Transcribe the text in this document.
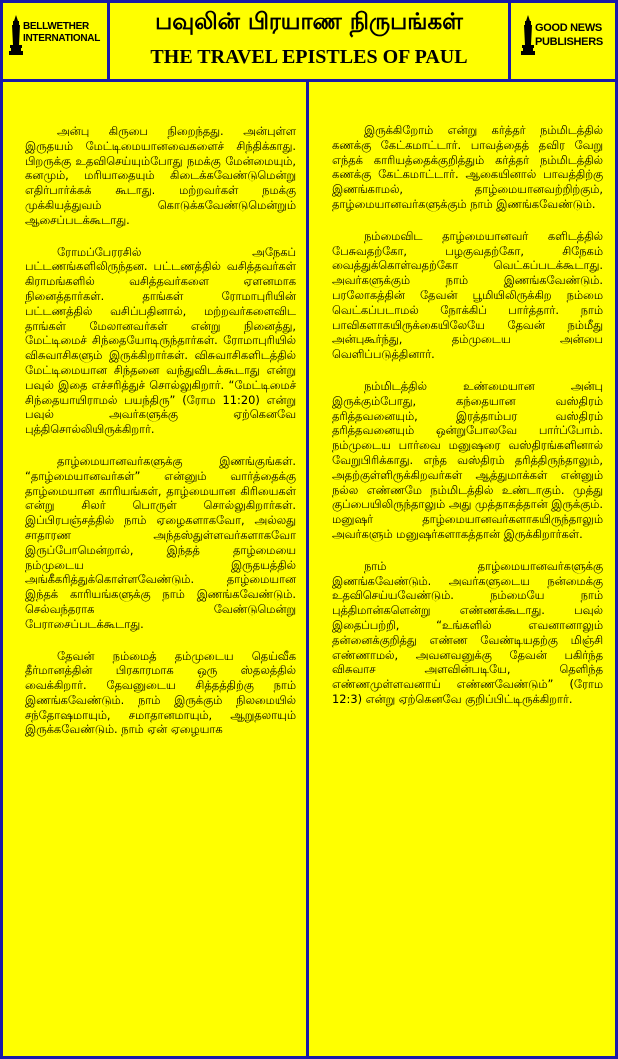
BELLWETHER
INTERNATIONAL
பவுலின் பிரயாண நிருபங்கள்
THE TRAVEL EPISTLES OF PAUL
GOOD NEWS
PUBLISHERS

அன்பு கிருபை நிறைந்தது. அன்புள்ள இருதயம் மேட்டிமையானவைகளைச் சிந்திக்காது. பிறருக்கு உதவிசெய்யும்போது நமக்கு மேன்மையும், கனமும், மரியாதையும் கிடைக்கவேண்டுமென்று எதிர்பார்க்கக் கூடாது. மற்றவர்கள் நமக்கு முக்கியத்துவம் கொடுக்கவேண்டுமென்றும் ஆசைப்படக்கூடாது.

ரோமப்பேரரசில் அநேகப் பட்டணங்களிலிருந்தன. பட்டணத்தில் வசித்தவர்கள் கிராமங்களில் வசித்தவர்களை ஏளனமாக நினைத்தார்கள். தாங்கள் ரோமாபுரியின் பட்டணத்தில் வசிப்பதினால், மற்றவர்களைவிட தாங்கள் மேலானவர்கள் என்று நினைத்து, மேட்டிமைச் சிந்தையோடிருந்தார்கள். ரோமாபுரியில் விசுவாசிகளும் இருக்கிறார்கள். விசுவாசிகளிடத்தில் மேட்டிமையான சிந்தனை வந்துவிடக்கூடாது என்று பவுல் இதை எச்சரித்துச் சொல்லுகிறார். “மேட்டிமைச் சிந்தையாயிராமல் பயந்திரு” (ரோம 11:20) என்று பவுல் அவர்களுக்கு ஏற்கெனவே புத்திசொல்லியிருக்கிறார்.

தாழ்மையானவர்களுக்கு இணங்குங்கள். “தாழ்மையானவர்கள்” என்னும் வார்த்தைக்கு தாழ்மையான காரியங்கள், தாழ்மையான கிரியைகள் என்று சிலர் பொருள் சொல்லுகிறார்கள். இப்பிரபஞ்சத்தில் நாம் ஏழைகளாகவோ, அல்லது சாதாரண அந்தஸ்துள்ளவர்களாகவோ இருப்போமென்றால், இந்தத் தாழ்மையை நம்முடைய இருதயத்தில் அங்கீகரித்துக்கொள்ளவேண்டும். தாழ்மையான இந்தக் காரியங்களுக்கு நாம் இணங்கவேண்டும். செல்வந்தராக வேண்டுமென்று பேராசைப்படக்கூடாது.

தேவன் நம்மைத் தம்முடைய தெய்வீக தீர்மானத்தின் பிரகாரமாக ஒரு ஸ்தலத்தில் வைக்கிறார். தேவனுடைய சித்தத்திற்கு நாம் இணங்கவேண்டும். நாம் இருக்கும் நிலமையில் சந்தோஷமாயும், சமாதானமாயும், ஆறுதலாயும் இருக்கவேண்டும். நாம் ஏன் ஏழையாக

இருக்கிறோம் என்று கர்த்தர் நம்மிடத்தில் கணக்கு கேட்கமாட்டார். பாவத்தைத் தவிர வேறு எந்தக் காரியத்தைக்குறித்தும் கர்த்தர் நம்மிடத்தில் கணக்கு கேட்கமாட்டார். ஆகையினால் பாவத்திற்கு இணங்காமல், தாழ்மையானவற்றிற்கும், தாழ்மையானவர்களுக்கும் நாம் இணங்கவேண்டும்.

நம்மைவிட தாழ்மையானவர் களிடத்தில் பேசுவதற்கோ, பழகுவதற்கோ, சிநேகம் வைத்துக்கொள்வதற்கோ வெட்கப்படக்கூடாது. அவர்களுக்கும் நாம் இணங்கவேண்டும். பரலோகத்தின் தேவன் பூமியிலிருக்கிற நம்மை வெட்கப்படாமல் நோக்கிப் பார்த்தார். நாம் பாவிகளாகயிருக்கையிலேயே தேவன் நம்மீது அன்புகூர்ந்து, தம்முடைய அன்பை வெளிப்படுத்தினார்.

நம்மிடத்தில் உண்மையான அன்பு இருக்கும்போது, கந்தையான வஸ்திரம் தரித்தவனையும், இரத்தாம்பர வஸ்திரம் தரித்தவனையும் ஒன்றுபோலவே பார்ப்போம். நம்முடைய பார்வை மனுஷரை வஸ்திரங்களினால் வேறுபிரிக்காது. எந்த வஸ்திரம் தரித்திருந்தாலும், அதற்குள்ளிருக்கிறவர்கள் ஆத்துமாக்கள் என்னும் நல்ல எண்ணமே நம்மிடத்தில் உண்டாகும். முத்து குப்பையிலிருந்தாலும் அது முத்தாகத்தான் இருக்கும். மனுஷர் தாழ்மையானவர்களாகயிருந்தாலும் அவர்களும் மனுஷர்களாகத்தான் இருக்கிறார்கள்.

நாம் தாழ்மையானவர்களுக்கு இணங்கவேண்டும். அவர்களுடைய நன்மைக்கு உதவிசெய்யவேண்டும். நம்மையே நாம் புத்திமான்களென்று எண்ணக்கூடாது. பவுல் இதைப்பற்றி, “உங்களில் எவனானாலும் தன்னைக்குறித்து எண்ண வேண்டியதற்கு மிஞ்சி எண்ணாமல், அவனவனுக்கு தேவன் பகிர்ந்த விசுவாச அளவின்படியே, தெளிந்த எண்ணமுள்ளவனாய் எண்ணவேண்டும்” (ரோம 12:3) என்று ஏற்கெனவே குறிப்பிட்டிருக்கிறார்.
